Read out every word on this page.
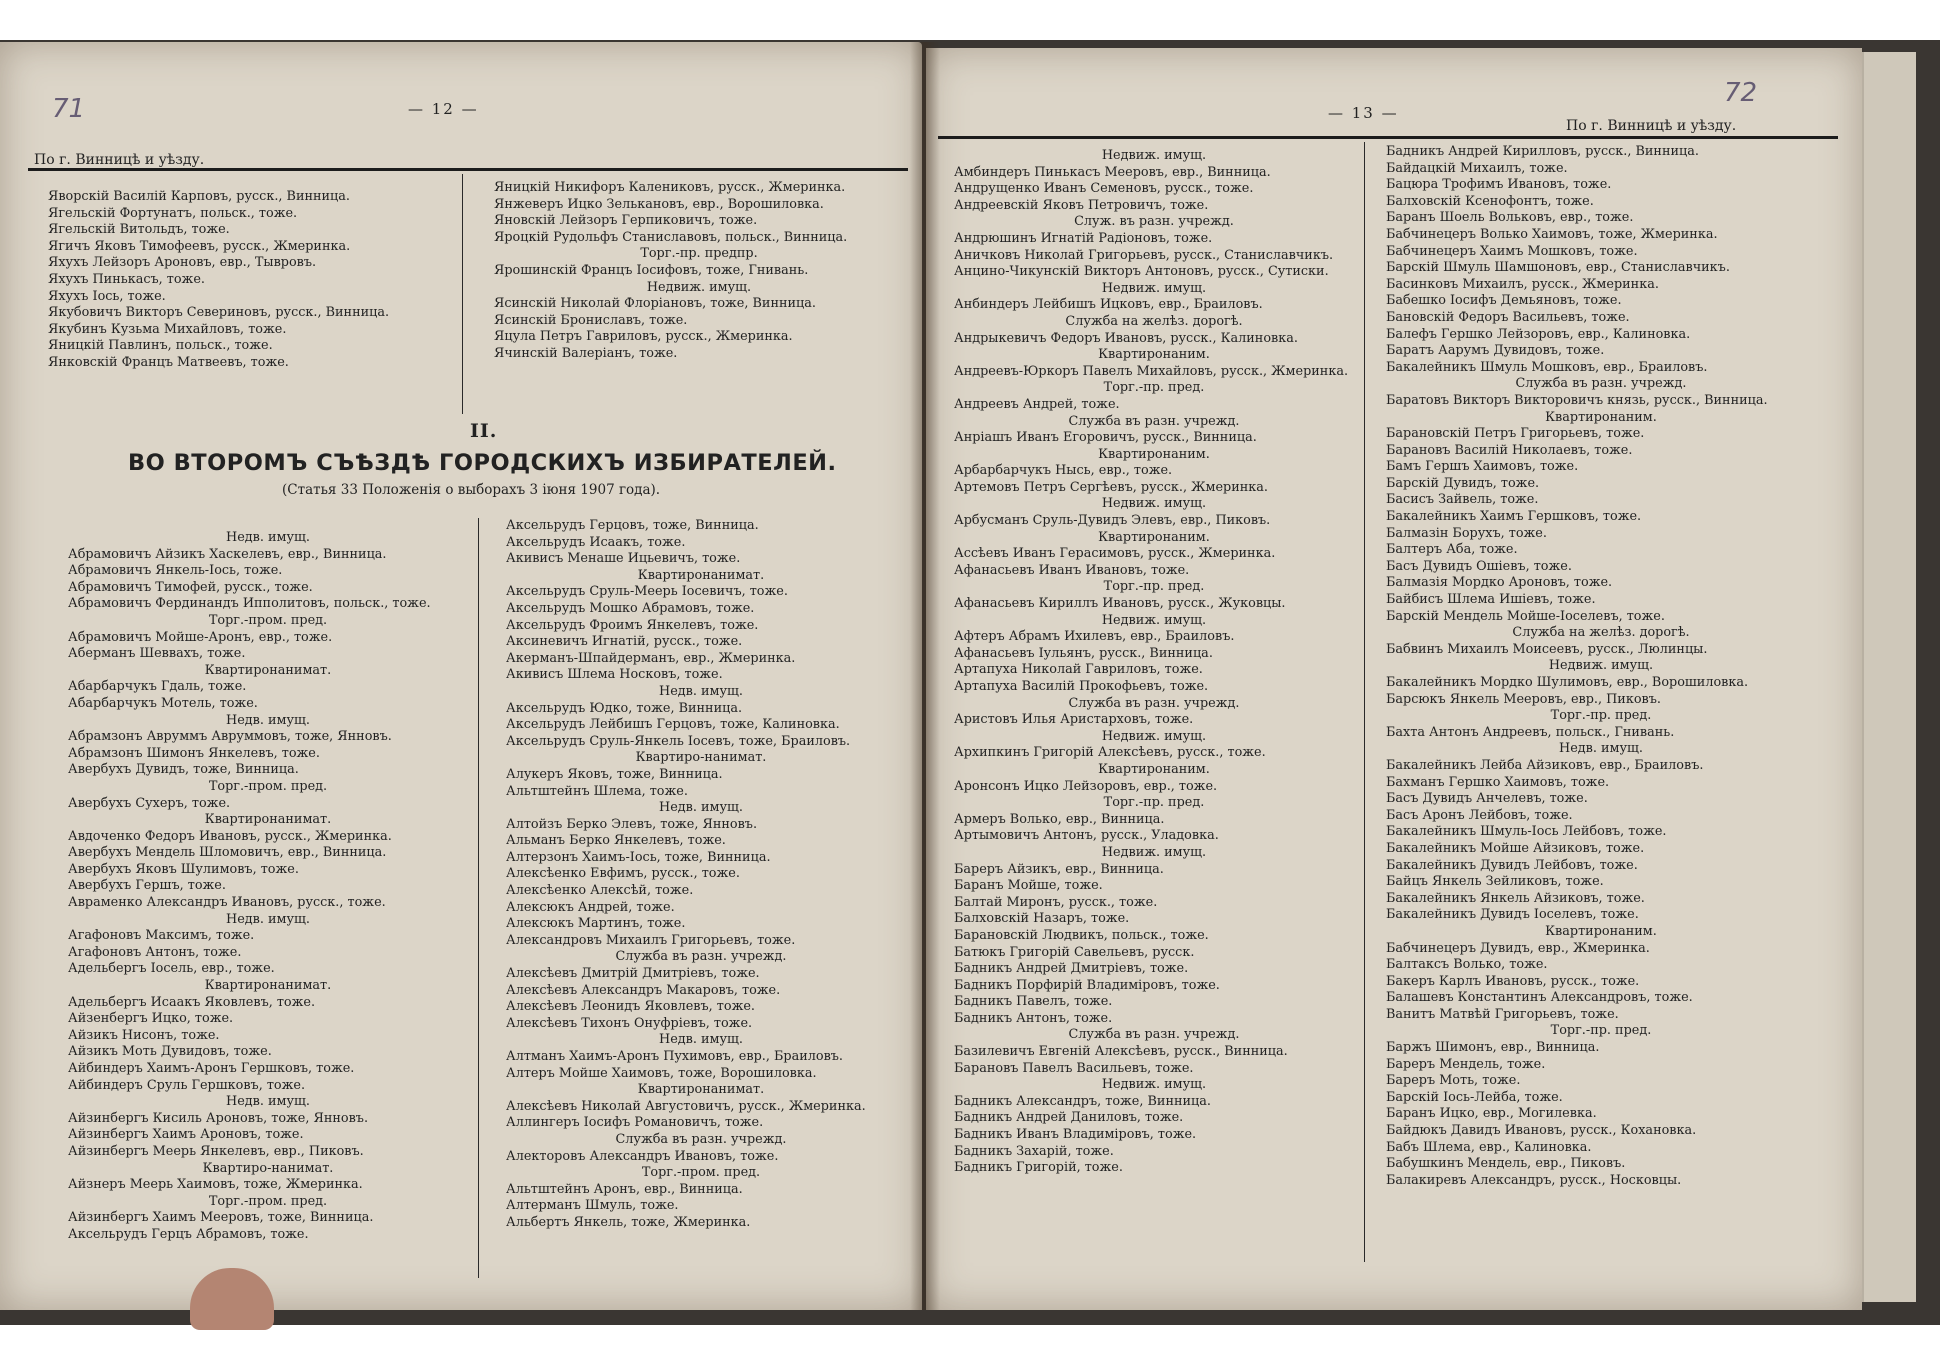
71	— 12 —
По г. Винницѣ и уѣзду.
Яворскій Василій Карповъ, русск., Винница.
Ягельскій Фортунатъ, польск., тоже.
Ягельскій Витольдъ, тоже.
Ягичъ Яковъ Тимофеевъ, русск., Жмеринка.
Яхухъ Лейзоръ Ароновъ, евр., Тывровъ.
Яхухъ Пинькасъ, тоже.
Яхухъ Іось, тоже.
Якубовичъ Викторъ Севериновъ, русск., Винница.
Якубинъ Кузьма Михайловъ, тоже.
Яницкій Павлинъ, польск., тоже.
Янковскій Францъ Матвеевъ, тоже.
Яницкій Никифоръ Калениковъ, русск., Жмеринка.
Янжеверъ Ицко Зелькановъ, евр., Ворошиловка.
Яновскій Лейзоръ Герпиковичъ, тоже.
Яроцкій Рудольфъ Станиславовъ, польск., Винница.
Торг.-пр. предпр.
Ярошинскій Францъ Іосифовъ, тоже, Гнивань.
Недвиж. имущ.
Ясинскій Николай Флоріановъ, тоже, Винница.
Ясинскій Брониславъ, тоже.
Яцула Петръ Гавриловъ, русск., Жмеринка.
Ячинскій Валеріанъ, тоже.
II.
ВО ВТОРОМЪ СЪѢЗДѢ ГОРОДСКИХЪ ИЗБИРАТЕЛЕЙ.
(Статья 33 Положенія о выборахъ 3 іюня 1907 года).
Недв. имущ.
Абрамовичъ Айзикъ Хаскелевъ, евр., Винница.
Абрамовичъ Янкель-Іось, тоже.
Абрамовичъ Тимофей, русск., тоже.
Абрамовичъ Фердинандъ Ипполитовъ, польск., тоже.
Торг.-пром. пред.
Абрамовичъ Мойше-Аронъ, евр., тоже.
Аберманъ Шеввахъ, тоже.
Квартиронанимат.
Абарбарчукъ Гдаль, тоже.
Абарбарчукъ Мотель, тоже.
Недв. имущ.
Абрамзонъ Авруммъ Авруммовъ, тоже, Янновъ.
Абрамзонъ Шимонъ Янкелевъ, тоже.
Авербухъ Дувидъ, тоже, Винница.
Торг.-пром. пред.
Авербухъ Сухеръ, тоже.
Квартиронанимат.
Авдоченко Федоръ Ивановъ, русск., Жмеринка.
Авербухъ Мендель Шломовичъ, евр., Винница.
Авербухъ Яковъ Шулимовъ, тоже.
Авербухъ Гершъ, тоже.
Авраменко Александръ Ивановъ, русск., тоже.
Недв. имущ.
Агафоновъ Максимъ, тоже.
Агафоновъ Антонъ, тоже.
Адельбергъ Іосель, евр., тоже.
Квартиронанимат.
Адельбергъ Исаакъ Яковлевъ, тоже.
Айзенбергъ Ицко, тоже.
Айзикъ Нисонъ, тоже.
Айзикъ Моть Дувидовъ, тоже.
Айбиндеръ Хаимъ-Аронъ Гершковъ, тоже.
Айбиндеръ Сруль Гершковъ, тоже.
Недв. имущ.
Айзинбергъ Кисиль Ароновъ, тоже, Янновъ.
Айзинбергъ Хаимъ Ароновъ, тоже.
Айзинбергъ Меерь Янкелевъ, евр., Пиковъ.
Квартиро-нанимат.
Айзнеръ Меерь Хаимовъ, тоже, Жмеринка.
Торг.-пром. пред.
Айзинбергъ Хаимъ Мееровъ, тоже, Винница.
Аксельрудъ Герцъ Абрамовъ, тоже.
Аксельрудъ Герцовъ, тоже, Винница.
Аксельрудъ Исаакъ, тоже.
Акивисъ Менаше Ицьевичъ, тоже.
Квартиронанимат.
Аксельрудъ Сруль-Меерь Іосевичъ, тоже.
Аксельрудъ Мошко Абрамовъ, тоже.
Аксельрудъ Фроимъ Янкелевъ, тоже.
Аксиневичъ Игнатій, русск., тоже.
Акерманъ-Шпайдерманъ, евр., Жмеринка.
Акивисъ Шлема Носковъ, тоже.
Недв. имущ.
Аксельрудъ Юдко, тоже, Винница.
Аксельрудъ Лейбишъ Герцовъ, тоже, Калиновка.
Аксельрудъ Сруль-Янкель Іосевъ, тоже, Браиловъ.
Квартиро-нанимат.
Алукеръ Яковъ, тоже, Винница.
Альтштейнъ Шлема, тоже.
Недв. имущ.
Алтойзъ Берко Элевъ, тоже, Янновъ.
Альманъ Берко Янкелевъ, тоже.
Алтерзонъ Хаимъ-Іось, тоже, Винница.
Алексѣенко Евфимъ, русск., тоже.
Алексѣенко Алексѣй, тоже.
Алексюкъ Андрей, тоже.
Алексюкъ Мартинъ, тоже.
Александровъ Михаилъ Григорьевъ, тоже.
Служба въ разн. учрежд.
Алексѣевъ Дмитрій Дмитріевъ, тоже.
Алексѣевъ Александръ Макаровъ, тоже.
Алексѣевъ Леонидъ Яковлевъ, тоже.
Алексѣевъ Тихонъ Онуфріевъ, тоже.
Недв. имущ.
Алтманъ Хаимъ-Аронъ Пухимовъ, евр., Браиловъ.
Алтеръ Мойше Хаимовъ, тоже, Ворошиловка.
Квартиронанимат.
Алексѣевъ Николай Августовичъ, русск., Жмеринка.
Аллингеръ Іосифъ Романовичъ, тоже.
Служба въ разн. учрежд.
Алекторовъ Александръ Ивановъ, тоже.
Торг.-пром. пред.
Альтштейнъ Аронъ, евр., Винница.
Алтерманъ Шмуль, тоже.
Альбертъ Янкель, тоже, Жмеринка.
— 13 —
По г. Винницѣ и уѣзду.
72
Недвиж. имущ.
Амбиндеръ Пинькасъ Мееровъ, евр., Винница.
Андрущенко Иванъ Семеновъ, русск., тоже.
Андреевскій Яковъ Петровичъ, тоже.
Служ. въ разн. учрежд.
Андрюшинъ Игнатій Радіоновъ, тоже.
Аничковъ Николай Григорьевъ, русск., Станиславчикъ.
Анцино-Чикунскій Викторъ Антоновъ, русск., Сутиски.
Недвиж. имущ.
Анбиндеръ Лейбишъ Ицковъ, евр., Браиловъ.
Служба на желѣз. дорогѣ.
Андрыкевичъ Федоръ Ивановъ, русск., Калиновка.
Квартиронаним.
Андреевъ-Юркоръ Павелъ Михайловъ, русск., Жмеринка.
Торг.-пр. пред.
Андреевъ Андрей, тоже.
Служба въ разн. учрежд.
Анріашъ Иванъ Егоровичъ, русск., Винница.
Квартиронаним.
Арбарбарчукъ Нысь, евр., тоже.
Артемовъ Петръ Сергѣевъ, русск., Жмеринка.
Недвиж. имущ.
Арбусманъ Сруль-Дувидъ Элевъ, евр., Пиковъ.
Квартиронаним.
Ассѣевъ Иванъ Герасимовъ, русск., Жмеринка.
Афанасьевъ Иванъ Ивановъ, тоже.
Торг.-пр. пред.
Афанасьевъ Кириллъ Ивановъ, русск., Жуковцы.
Недвиж. имущ.
Афтеръ Абрамъ Ихилевъ, евр., Браиловъ.
Афанасьевъ Іульянъ, русск., Винница.
Артапуха Николай Гавриловъ, тоже.
Артапуха Василій Прокофьевъ, тоже.
Служба въ разн. учрежд.
Аристовъ Илья Аристарховъ, тоже.
Недвиж. имущ.
Архипкинъ Григорій Алексѣевъ, русск., тоже.
Квартиронаним.
Аронсонъ Ицко Лейзоровъ, евр., тоже.
Торг.-пр. пред.
Армеръ Волько, евр., Винница.
Артымовичъ Антонъ, русск., Уладовка.
Недвиж. имущ.
Бареръ Айзикъ, евр., Винница.
Баранъ Мойше, тоже.
Балтай Миронъ, русск., тоже.
Балховскій Назаръ, тоже.
Барановскій Людвикъ, польск., тоже.
Батюкъ Григорій Савельевъ, русск.
Бадникъ Андрей Дмитріевъ, тоже.
Бадникъ Порфирій Владиміровъ, тоже.
Бадникъ Павелъ, тоже.
Бадникъ Антонъ, тоже.
Служба въ разн. учрежд.
Базилевичъ Евгеній Алексѣевъ, русск., Винница.
Барановъ Павелъ Васильевъ, тоже.
Недвиж. имущ.
Бадникъ Александръ, тоже, Винница.
Бадникъ Андрей Даниловъ, тоже.
Бадникъ Иванъ Владиміровъ, тоже.
Бадникъ Захарій, тоже.
Бадникъ Григорій, тоже.
Бадникъ Андрей Кирилловъ, русск., Винница.
Байдацкій Михаилъ, тоже.
Бацюра Трофимъ Ивановъ, тоже.
Балховскій Ксенофонтъ, тоже.
Баранъ Шоель Вольковъ, евр., тоже.
Бабчинецеръ Волько Хаимовъ, тоже, Жмеринка.
Бабчинецеръ Хаимъ Мошковъ, тоже.
Барскій Шмуль Шамшоновъ, евр., Станиславчикъ.
Басинковъ Михаилъ, русск., Жмеринка.
Бабешко Іосифъ Демьяновъ, тоже.
Бановскій Федоръ Васильевъ, тоже.
Балефъ Гершко Лейзоровъ, евр., Калиновка.
Баратъ Аарумъ Дувидовъ, тоже.
Бакалейникъ Шмуль Мошковъ, евр., Браиловъ.
Служба въ разн. учрежд.
Баратовъ Викторъ Викторовичъ князь, русск., Винница.
Квартиронаним.
Барановскій Петръ Григорьевъ, тоже.
Барановъ Василій Николаевъ, тоже.
Бамъ Гершъ Хаимовъ, тоже.
Барскій Дувидъ, тоже.
Басисъ Зайвель, тоже.
Бакалейникъ Хаимъ Гершковъ, тоже.
Балмазін Борухъ, тоже.
Балтеръ Аба, тоже.
Басъ Дувидъ Ошіевъ, тоже.
Балмазія Мордко Ароновъ, тоже.
Байбисъ Шлема Ишіевъ, тоже.
Барскій Мендель Мойше-Іоселевъ, тоже.
Служба на желѣз. дорогѣ.
Бабвинъ Михаилъ Моисеевъ, русск., Люлинцы.
Недвиж. имущ.
Бакалейникъ Мордко Шулимовъ, евр., Ворошиловка.
Барсюкъ Янкель Мееровъ, евр., Пиковъ.
Торг.-пр. пред.
Бахта Антонъ Андреевъ, польск., Гнивань.
Недв. имущ.
Бакалейникъ Лейба Айзиковъ, евр., Браиловъ.
Бахманъ Гершко Хаимовъ, тоже.
Басъ Дувидъ Анчелевъ, тоже.
Басъ Аронъ Лейбовъ, тоже.
Бакалейникъ Шмуль-Іось Лейбовъ, тоже.
Бакалейникъ Мойше Айзиковъ, тоже.
Бакалейникъ Дувидъ Лейбовъ, тоже.
Байцъ Янкель Зейликовъ, тоже.
Бакалейникъ Янкель Айзиковъ, тоже.
Бакалейникъ Дувидъ Іоселевъ, тоже.
Квартиронаним.
Бабчинецеръ Дувидъ, евр., Жмеринка.
Балтаксъ Волько, тоже.
Бакеръ Карлъ Ивановъ, русск., тоже.
Балашевъ Константинъ Александровъ, тоже.
Ванитъ Матвѣй Григорьевъ, тоже.
Торг.-пр. пред.
Баржъ Шимонъ, евр., Винница.
Бареръ Мендель, тоже.
Бареръ Моть, тоже.
Барскій Іось-Лейба, тоже.
Баранъ Ицко, евр., Могилевка.
Байдюкъ Давидъ Ивановъ, русск., Кохановка.
Бабъ Шлема, евр., Калиновка.
Бабушкинъ Мендель, евр., Пиковъ.
Балакиревъ Александръ, русск., Носковцы.
